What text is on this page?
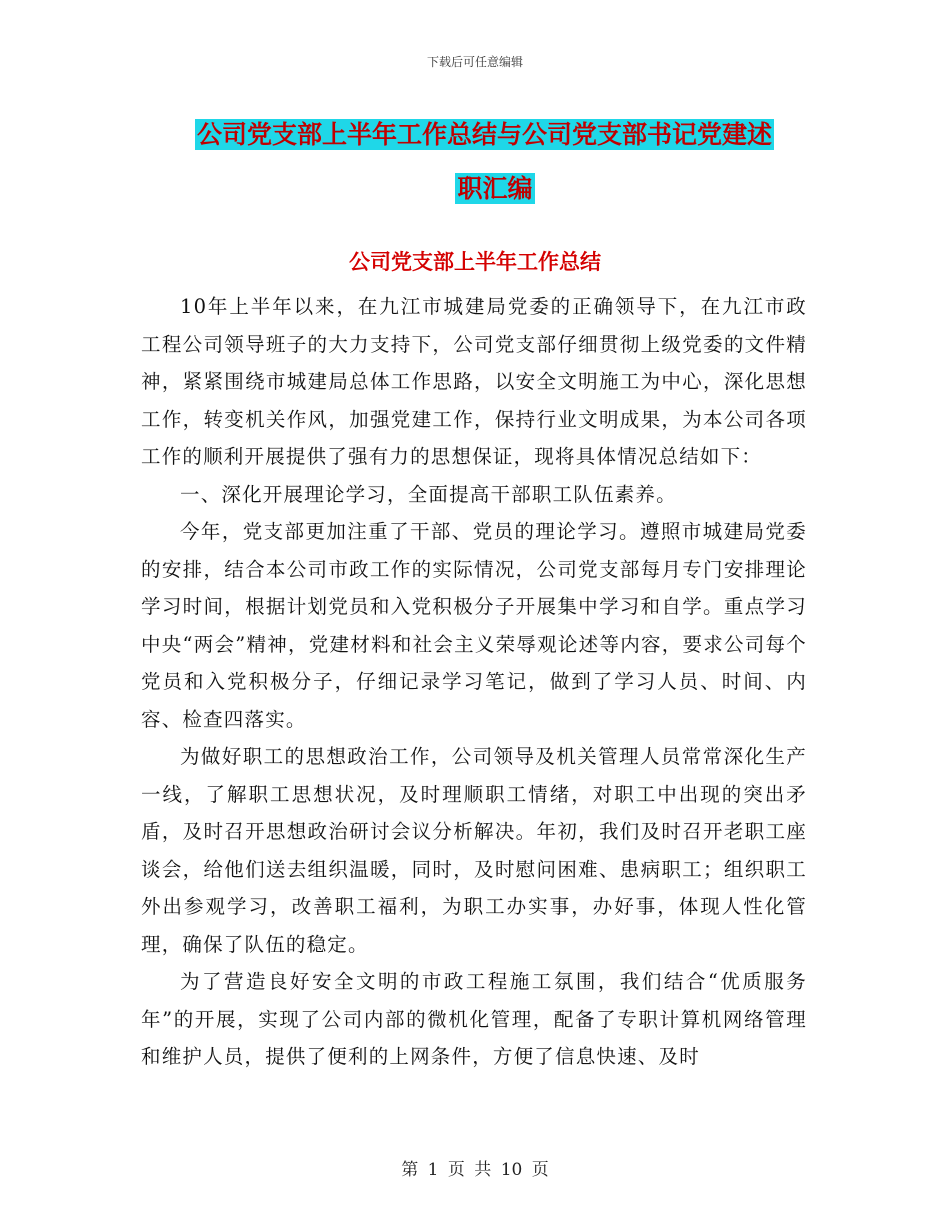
下载后可任意编辑
公司党支部上半年工作总结与公司党支部书记党建述
职汇编
公司党支部上半年工作总结

10年上半年以来，在九江市城建局党委的正确领导下，在九江市政工程公司领导班子的大力支持下，公司党支部仔细贯彻上级党委的文件精神，紧紧围绕市城建局总体工作思路，以安全文明施工为中心，深化思想工作，转变机关作风，加强党建工作，保持行业文明成果，为本公司各项工作的顺利开展提供了强有力的思想保证，现将具体情况总结如下：

一、深化开展理论学习，全面提高干部职工队伍素养。

今年，党支部更加注重了干部、党员的理论学习。遵照市城建局党委的安排，结合本公司市政工作的实际情况，公司党支部每月专门安排理论学习时间，根据计划党员和入党积极分子开展集中学习和自学。重点学习中央“两会”精神，党建材料和社会主义荣辱观论述等内容，要求公司每个党员和入党积极分子，仔细记录学习笔记，做到了学习人员、时间、内容、检查四落实。

为做好职工的思想政治工作，公司领导及机关管理人员常常深化生产一线，了解职工思想状况，及时理顺职工情绪，对职工中出现的突出矛盾，及时召开思想政治研讨会议分析解决。年初，我们及时召开老职工座谈会，给他们送去组织温暖，同时，及时慰问困难、患病职工；组织职工外出参观学习，改善职工福利，为职工办实事，办好事，体现人性化管理，确保了队伍的稳定。

为了营造良好安全文明的市政工程施工氛围，我们结合“优质服务年”的开展，实现了公司内部的微机化管理，配备了专职计算机网络管理和维护人员，提供了便利的上网条件，方便了信息快速、及时

第 1 页 共 10 页
